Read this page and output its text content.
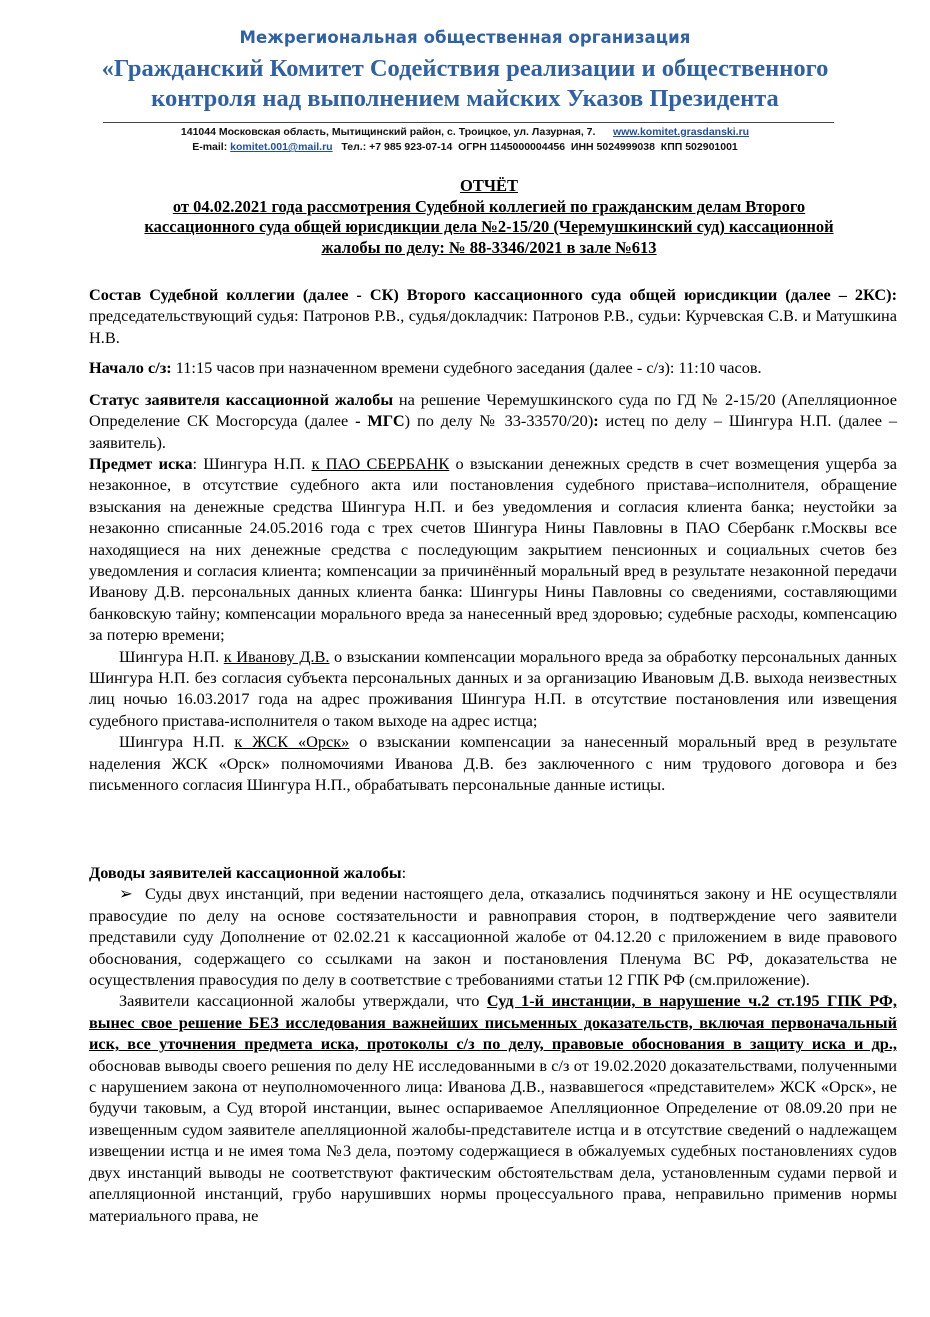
Межрегиональная общественная организация
«Гражданский Комитет Содействия реализации и общественного
контроля над выполнением майских Указов Президента
141044 Московская область, Мытищинский район, с. Троицкое, ул. Лазурная, 7. www.komitet.grasdanski.ru
E-mail: komitet.001@mail.ru Тел.: +7 985 923-07-14  ОГРН 1145000004456  ИНН 5024999038  КПП 502901001
ОТЧЁТ
от 04.02.2021 года рассмотрения Судебной коллегией по гражданским делам Второго
кассационного суда общей юрисдикции дела №2-15/20 (Черемушкинский суд) кассационной
жалобы по делу: № 88-3346/2021 в зале №613

Состав Судебной коллегии (далее - СК) Второго кассационного суда общей юрисдикции (далее – 2КС): председательствующий судья: Патронов Р.В., судья/докладчик: Патронов Р.В., судьи: Курчевская С.В. и Матушкина Н.В.

Начало с/з: 11:15 часов при назначенном времени судебного заседания (далее - с/з): 11:10 часов.

Статус заявителя кассационной жалобы на решение Черемушкинского суда по ГД № 2-15/20 (Апелляционное Определение СК Мосгорсуда (далее - МГС) по делу № 33-33570/20): истец по делу – Шингура Н.П. (далее – заявитель).

Предмет иска: Шингура Н.П. к ПАО СБЕРБАНК о взыскании денежных средств в счет возмещения ущерба за незаконное, в отсутствие судебного акта или постановления судебного пристава–исполнителя, обращение взыскания на денежные средства Шингура Н.П. и без уведомления и согласия клиента банка; неустойки за незаконно списанные 24.05.2016 года с трех счетов Шингура Нины Павловны в ПАО Сбербанк г.Москвы все находящиеся на них денежные средства с последующим закрытием пенсионных и социальных счетов без уведомления и согласия клиента; компенсации за причинённый моральный вред в результате незаконной передачи Иванову Д.В. персональных данных клиента банка: Шингуры Нины Павловны со сведениями, составляющими банковскую тайну; компенсации морального вреда за нанесенный вред здоровью; судебные расходы, компенсацию за потерю времени;

Шингура Н.П. к Иванову Д.В. о взыскании компенсации морального вреда за обработку персональных данных Шингура Н.П. без согласия субъекта персональных данных и за организацию Ивановым Д.В. выхода неизвестных лиц ночью 16.03.2017 года на адрес проживания Шингура Н.П. в отсутствие постановления или извещения судебного пристава-исполнителя о таком выходе на адрес истца;

Шингура Н.П. к ЖСК «Орск» о взыскании компенсации за нанесенный моральный вред в результате наделения ЖСК «Орск» полномочиями Иванова Д.В. без заключенного с ним трудового договора и без письменного согласия Шингура Н.П., обрабатывать персональные данные истицы.

Доводы заявителей кассационной жалобы:

➢ Суды двух инстанций, при ведении настоящего дела, отказались подчиняться закону и НЕ осуществляли правосудие по делу на основе состязательности и равноправия сторон, в подтверждение чего заявители представили суду Дополнение от 02.02.21 к кассационной жалобе от 04.12.20 с приложением в виде правового обоснования, содержащего со ссылками на закон и постановления Пленума ВС РФ, доказательства не осуществления правосудия по делу в соответствие с требованиями статьи 12 ГПК РФ (см.приложение).

Заявители кассационной жалобы утверждали, что Суд 1-й инстанции, в нарушение ч.2 ст.195 ГПК РФ, вынес свое решение БЕЗ исследования важнейших письменных доказательств, включая первоначальный иск, все уточнения предмета иска, протоколы с/з по делу, правовые обоснования в защиту иска и др., обосновав выводы своего решения по делу НЕ исследованными в с/з от 19.02.2020 доказательствами, полученными с нарушением закона от неуполномоченного лица: Иванова Д.В., назвавшегося «представителем» ЖСК «Орск», не будучи таковым, а Суд второй инстанции, вынес оспариваемое Апелляционное Определение от 08.09.20 при не извещенным судом заявителе апелляционной жалобы-представителе истца и в отсутствие сведений о надлежащем извещении истца и не имея тома №3 дела, поэтому содержащиеся в обжалуемых судебных постановлениях судов двух инстанций выводы не соответствуют фактическим обстоятельствам дела, установленным судами первой и апелляционной инстанций, грубо нарушивших нормы процессуального права, неправильно применив нормы материального права, не
